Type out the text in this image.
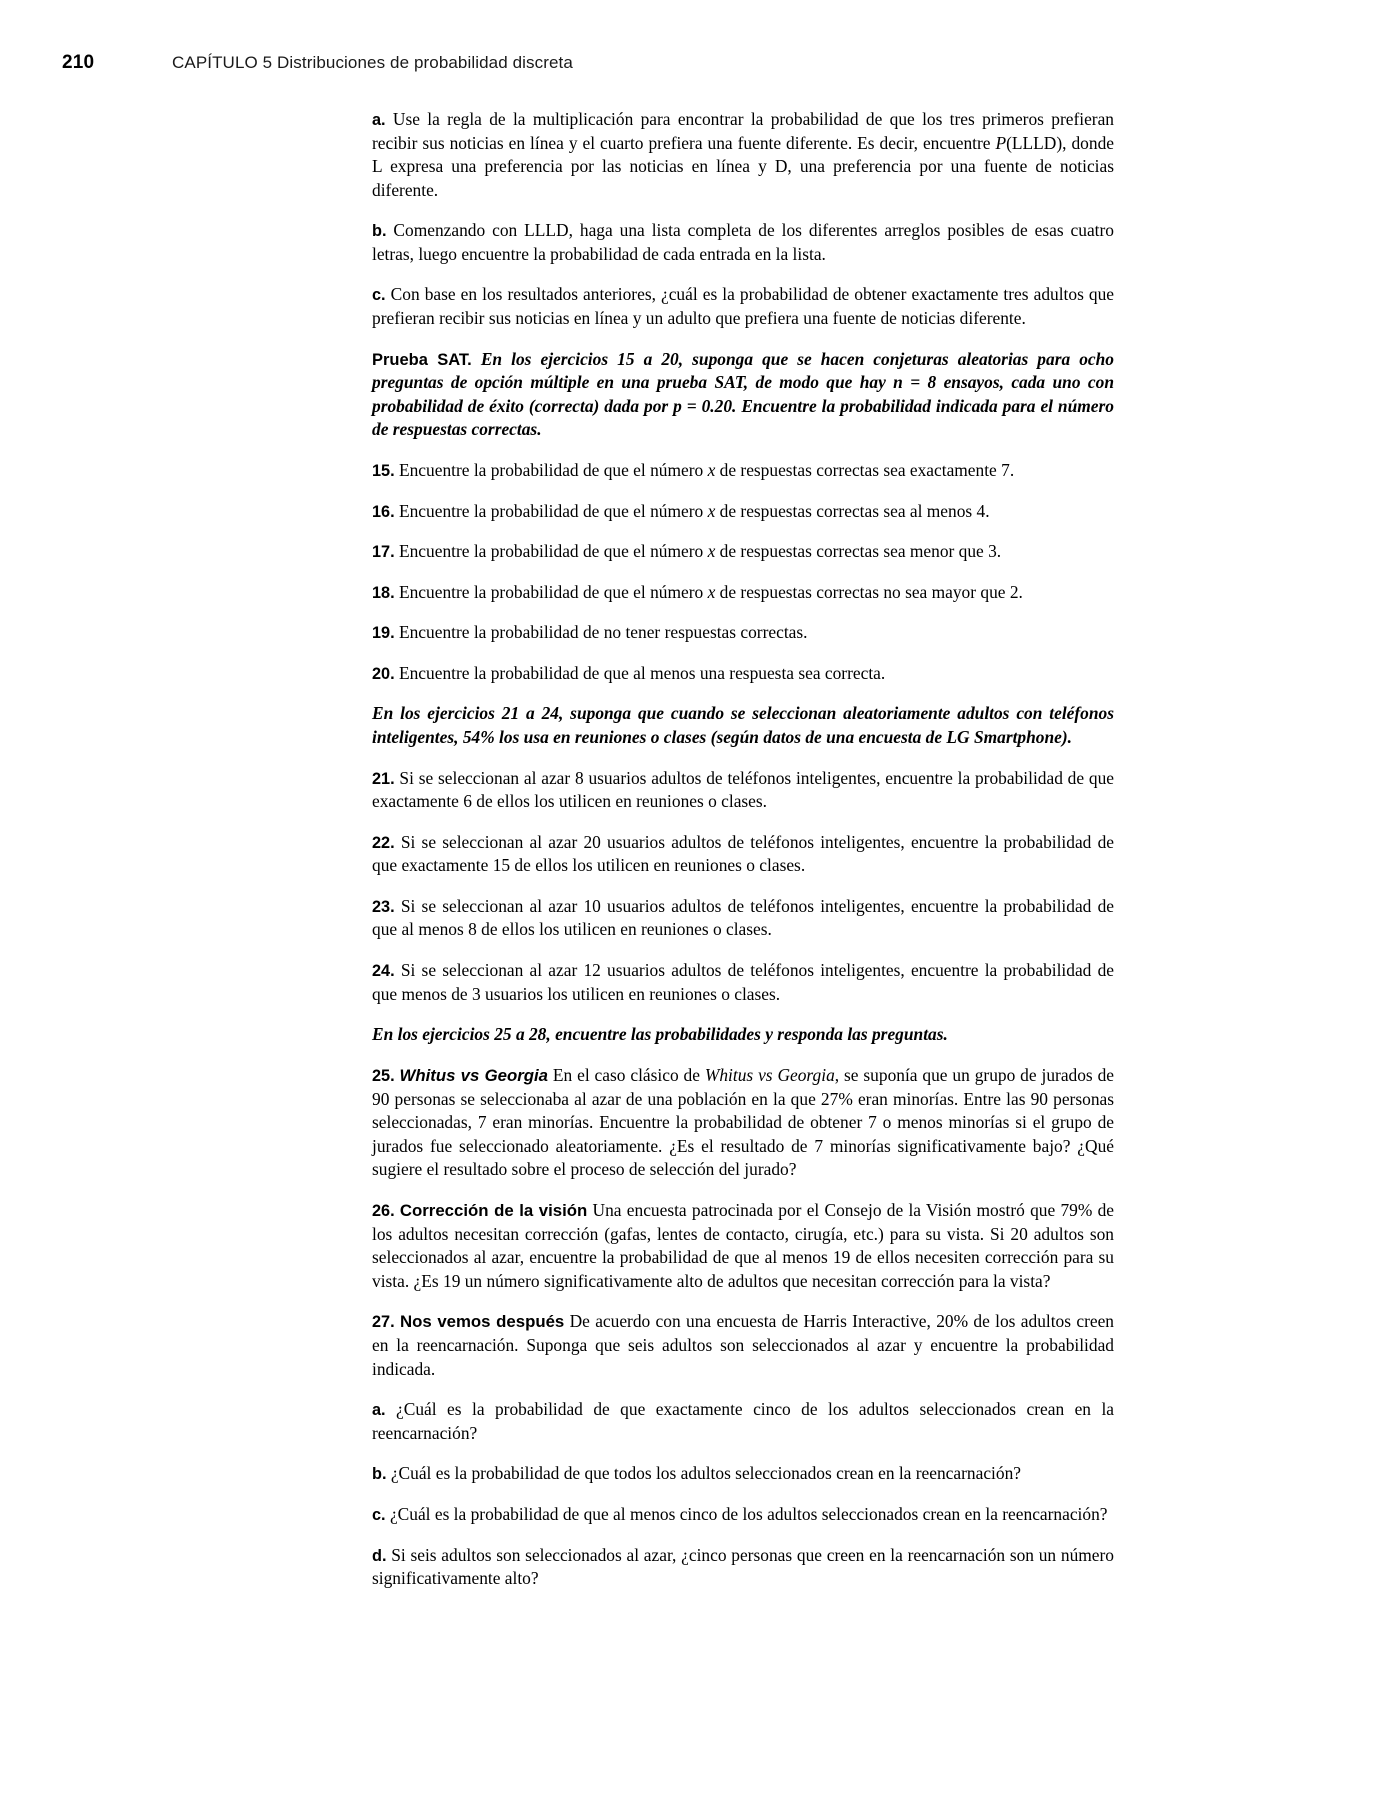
210	CAPÍTULO 5 Distribuciones de probabilidad discreta

a. Use la regla de la multiplicación para encontrar la probabilidad de que los tres primeros prefieran recibir sus noticias en línea y el cuarto prefiera una fuente diferente. Es decir, encuentre P(LLLD), donde L expresa una preferencia por las noticias en línea y D, una preferencia por una fuente de noticias diferente.

b. Comenzando con LLLD, haga una lista completa de los diferentes arreglos posibles de esas cuatro letras, luego encuentre la probabilidad de cada entrada en la lista.

c. Con base en los resultados anteriores, ¿cuál es la probabilidad de obtener exactamente tres adultos que prefieran recibir sus noticias en línea y un adulto que prefiera una fuente de noticias diferente.

Prueba SAT. En los ejercicios 15 a 20, suponga que se hacen conjeturas aleatorias para ocho preguntas de opción múltiple en una prueba SAT, de modo que hay n = 8 ensayos, cada uno con probabilidad de éxito (correcta) dada por p = 0.20. Encuentre la probabilidad indicada para el número de respuestas correctas.

15. Encuentre la probabilidad de que el número x de respuestas correctas sea exactamente 7.

16. Encuentre la probabilidad de que el número x de respuestas correctas sea al menos 4.

17. Encuentre la probabilidad de que el número x de respuestas correctas sea menor que 3.

18. Encuentre la probabilidad de que el número x de respuestas correctas no sea mayor que 2.

19. Encuentre la probabilidad de no tener respuestas correctas.

20. Encuentre la probabilidad de que al menos una respuesta sea correcta.

En los ejercicios 21 a 24, suponga que cuando se seleccionan aleatoriamente adultos con teléfonos inteligentes, 54% los usa en reuniones o clases (según datos de una encuesta de LG Smartphone).

21. Si se seleccionan al azar 8 usuarios adultos de teléfonos inteligentes, encuentre la probabilidad de que exactamente 6 de ellos los utilicen en reuniones o clases.

22. Si se seleccionan al azar 20 usuarios adultos de teléfonos inteligentes, encuentre la probabilidad de que exactamente 15 de ellos los utilicen en reuniones o clases.

23. Si se seleccionan al azar 10 usuarios adultos de teléfonos inteligentes, encuentre la probabilidad de que al menos 8 de ellos los utilicen en reuniones o clases.

24. Si se seleccionan al azar 12 usuarios adultos de teléfonos inteligentes, encuentre la probabilidad de que menos de 3 usuarios los utilicen en reuniones o clases.

En los ejercicios 25 a 28, encuentre las probabilidades y responda las preguntas.

25. Whitus vs Georgia En el caso clásico de Whitus vs Georgia, se suponía que un grupo de jurados de 90 personas se seleccionaba al azar de una población en la que 27% eran minorías. Entre las 90 personas seleccionadas, 7 eran minorías. Encuentre la probabilidad de obtener 7 o menos minorías si el grupo de jurados fue seleccionado aleatoriamente. ¿Es el resultado de 7 minorías significativamente bajo? ¿Qué sugiere el resultado sobre el proceso de selección del jurado?

26. Corrección de la visión Una encuesta patrocinada por el Consejo de la Visión mostró que 79% de los adultos necesitan corrección (gafas, lentes de contacto, cirugía, etc.) para su vista. Si 20 adultos son seleccionados al azar, encuentre la probabilidad de que al menos 19 de ellos necesiten corrección para su vista. ¿Es 19 un número significativamente alto de adultos que necesitan corrección para la vista?

27. Nos vemos después De acuerdo con una encuesta de Harris Interactive, 20% de los adultos creen en la reencarnación. Suponga que seis adultos son seleccionados al azar y encuentre la probabilidad indicada.

a. ¿Cuál es la probabilidad de que exactamente cinco de los adultos seleccionados crean en la reencarnación?

b. ¿Cuál es la probabilidad de que todos los adultos seleccionados crean en la reencarnación?

c. ¿Cuál es la probabilidad de que al menos cinco de los adultos seleccionados crean en la reencarnación?

d. Si seis adultos son seleccionados al azar, ¿cinco personas que creen en la reencarnación son un número significativamente alto?
